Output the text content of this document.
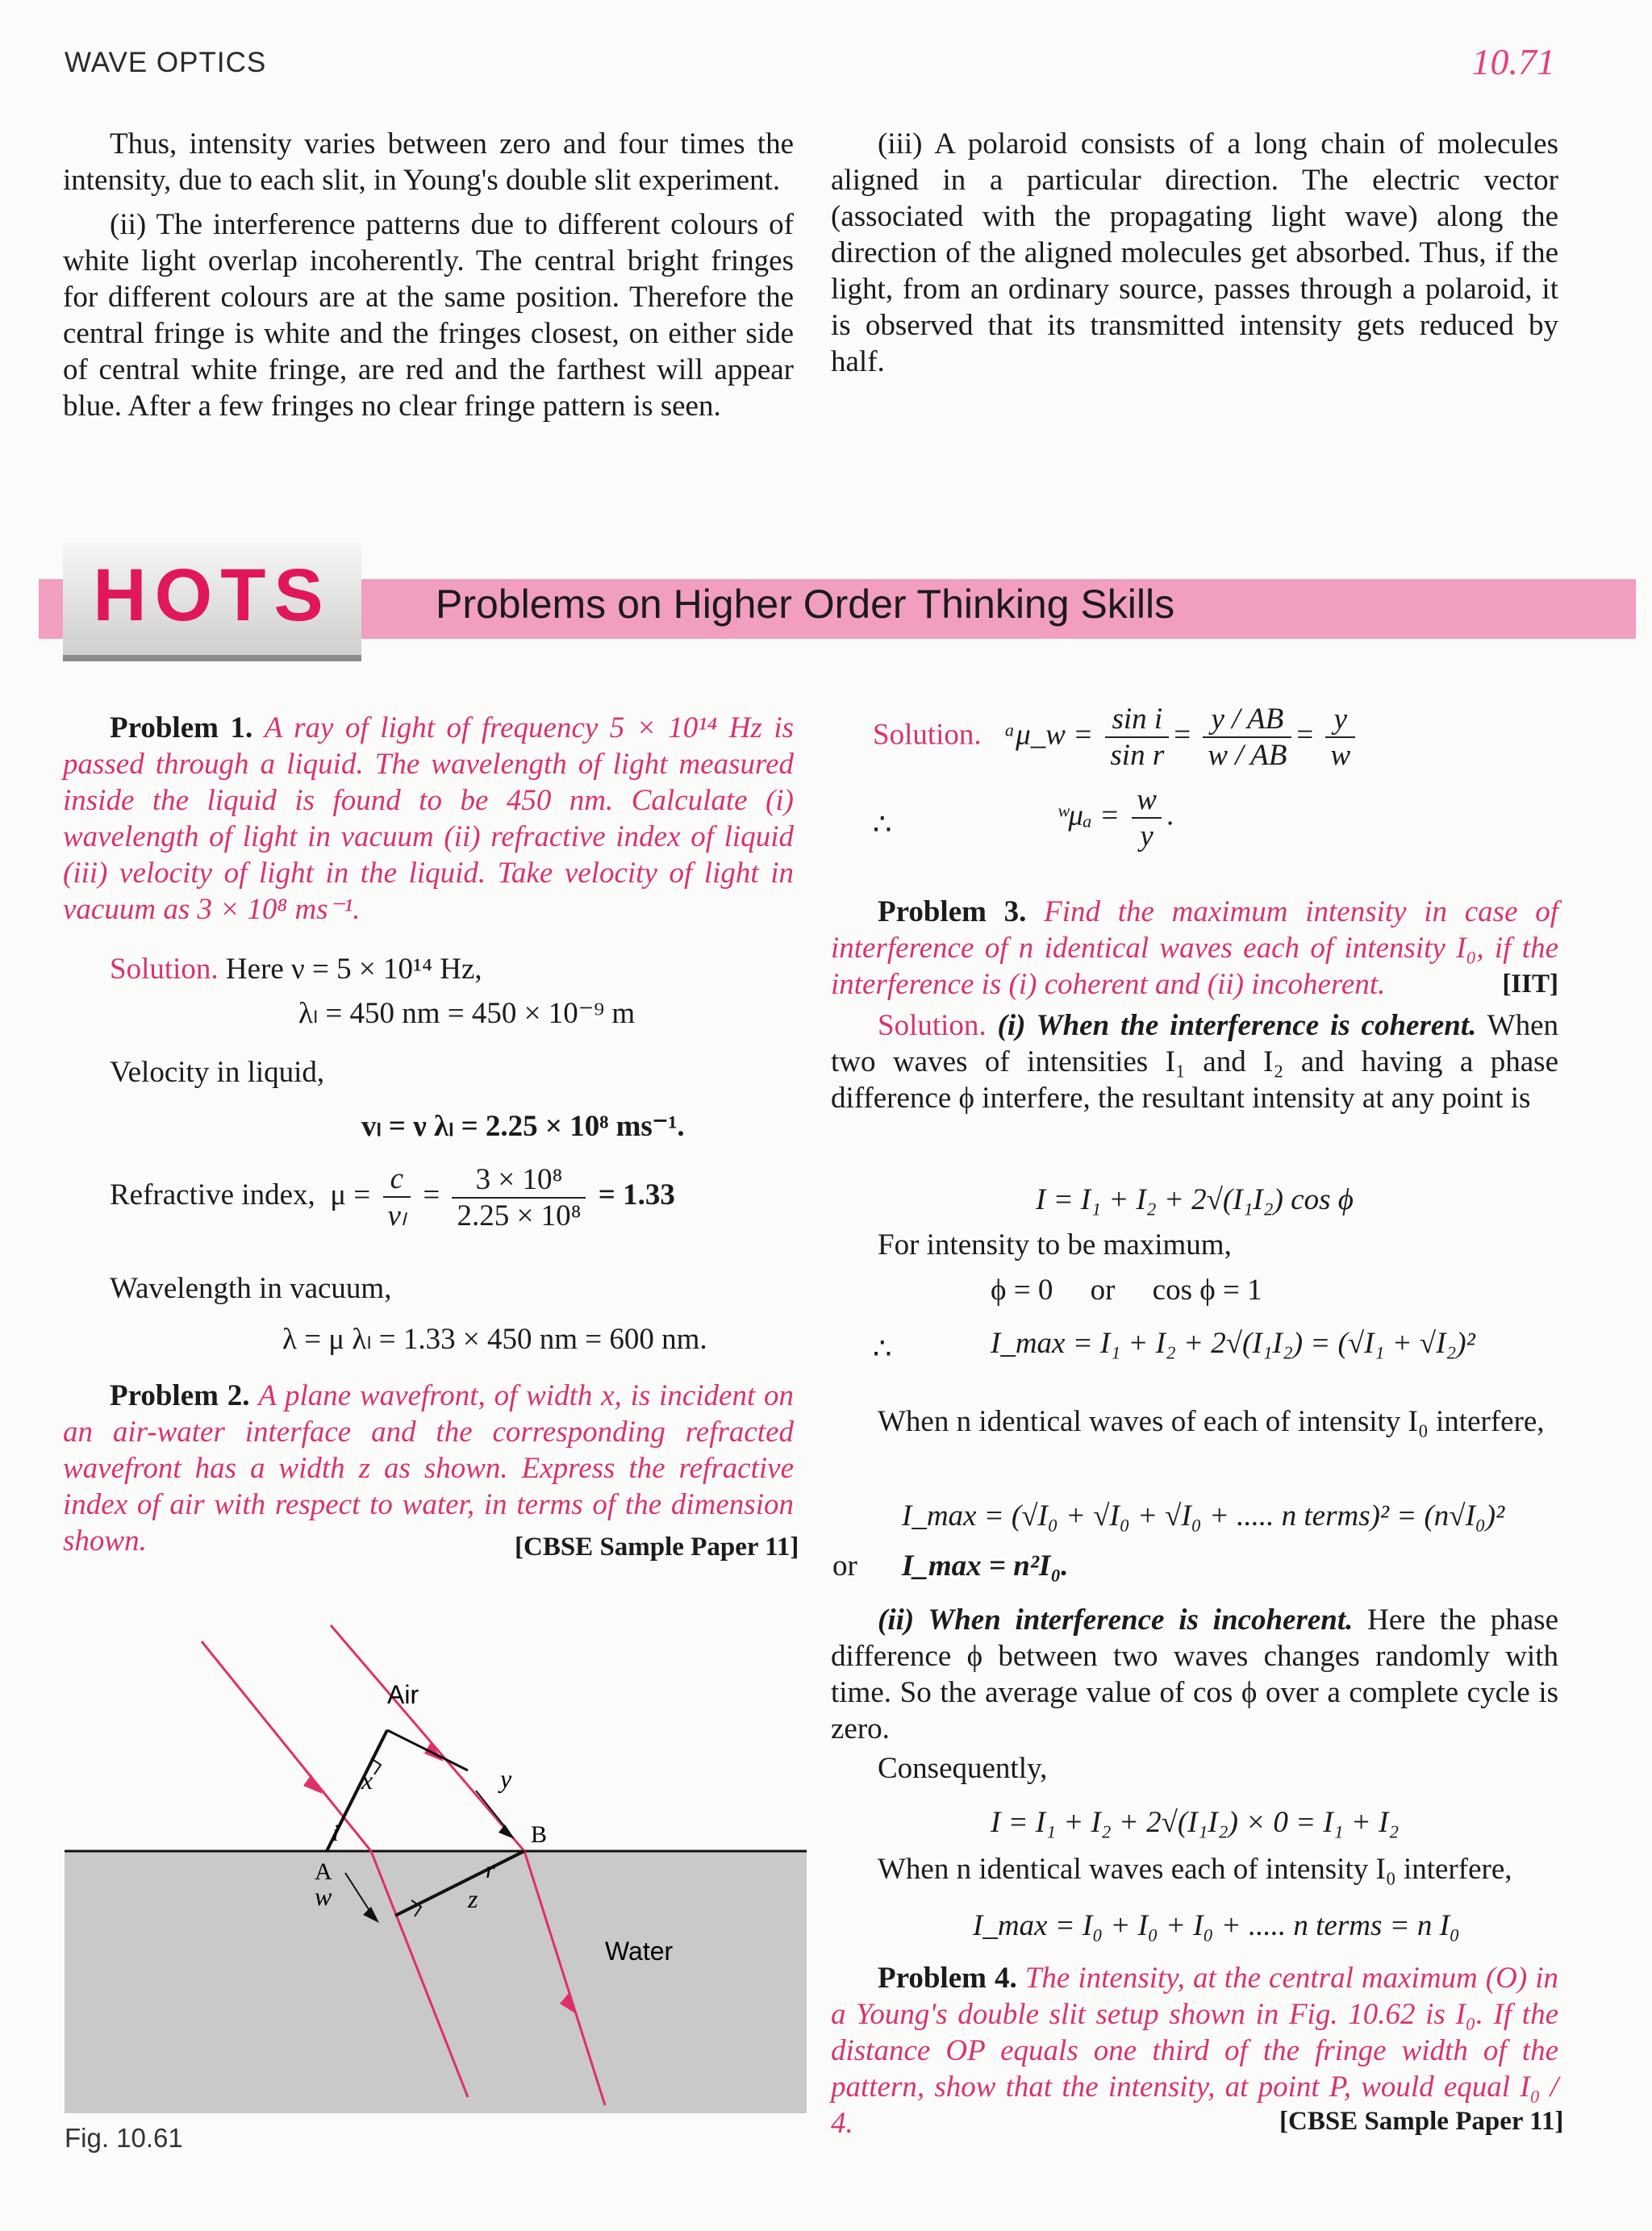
WAVE OPTICS	10.71
Thus, intensity varies between zero and four times the intensity, due to each slit, in Young's double slit experiment.
(ii) The interference patterns due to different colours of white light overlap incoherently. The central bright fringes for different colours are at the same position. Therefore the central fringe is white and the fringes closest, on either side of central white fringe, are red and the farthest will appear blue. After a few fringes no clear fringe pattern is seen.
(iii) A polaroid consists of a long chain of molecules aligned in a particular direction. The electric vector (associated with the propagating light wave) along the direction of the aligned molecules get absorbed. Thus, if the light, from an ordinary source, passes through a polaroid, it is observed that its transmitted intensity gets reduced by half.
HOTS	Problems on Higher Order Thinking Skills
Problem 1. A ray of light of frequency 5 × 10¹⁴ Hz is passed through a liquid. The wavelength of light measured inside the liquid is found to be 450 nm. Calculate (i) wavelength of light in vacuum (ii) refractive index of liquid (iii) velocity of light in the liquid. Take velocity of light in vacuum as 3 × 10⁸ ms⁻¹.
Solution. Here ν = 5 × 10¹⁴ Hz,
λₗ = 450 nm = 450 × 10⁻⁹ m
Velocity in liquid,
vₗ = ν λₗ = 2.25 × 10⁸ ms⁻¹.
Refractive index, $\mu = \frac{c}{\text{vₗ}} = \frac{\text{3 × 10⁸}}{\text{2.25 × 10⁸}} = 1.33$
Wavelength in vacuum,
λ = μ λₗ = 1.33 × 450 nm = 600 nm.
Problem 2. A plane wavefront, of width x, is incident on an air-water interface and the corresponding refracted wavefront has a width z as shown. Express the refractive index of air with respect to water, in terms of the dimension shown.	[CBSE Sample Paper 11]
Air
Water
x	y
z
w
i
r
A
B
Fig. 10.61
Solution. ᵃμ_w = $\frac{\text{sin i}}{\text{sin r}} = \frac{y / AB}{w / AB} = \frac{y}{w}$
∴	ʷμₐ = $\frac{w}{y}$ .
Problem 3. Find the maximum intensity in case of interference of n identical waves each of intensity I₀, if the interference is (i) coherent and (ii) incoherent.	[IIT]
Solution. (i) When the interference is coherent. When two waves of intensities I₁ and I₂ and having a phase difference ϕ interfere, the resultant intensity at any point is
I = I₁ + I₂ + 2√(I₁I₂) cos ϕ
For intensity to be maximum,
ϕ = 0     or     cos ϕ = 1
∴	I_max = I₁ + I₂ + 2√(I₁I₂) = (√I₁ + √I₂)²
When n identical waves of each of intensity I₀ interfere,
I_max = (√I₀ + √I₀ + √I₀ + ..... n terms)² = (n√I₀)²
or I_max = n²I₀.
(ii) When interference is incoherent. Here the phase difference ϕ between two waves changes randomly with time. So the average value of cos ϕ over a complete cycle is zero.
Consequently,
I = I₁ + I₂ + 2√(I₁I₂) × 0 = I₁ + I₂
When n identical waves each of intensity I₀ interfere,
I_max = I₀ + I₀ + I₀ + ..... n terms = n I₀
Problem 4. The intensity, at the central maximum (O) in a Young's double slit setup shown in Fig. 10.62 is I₀. If the distance OP equals one third of the fringe width of the pattern, show that the intensity, at point P, would equal I₀ / 4.	[CBSE Sample Paper 11]
